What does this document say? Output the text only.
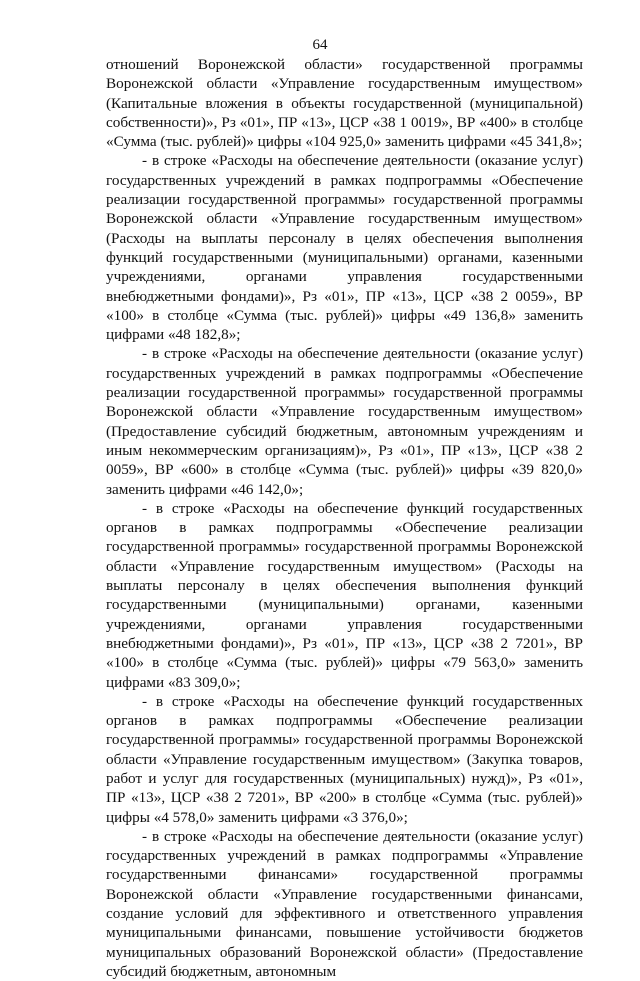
64

отношений Воронежской области» государственной программы Воронежской области «Управление государственным имуществом» (Капитальные вложения в объекты государственной (муниципальной) собственности)», Рз «01», ПР «13», ЦСР «38 1 0019», ВР «400» в столбце «Сумма (тыс. рублей)» цифры «104 925,0» заменить цифрами «45 341,8»;

- в строке «Расходы на обеспечение деятельности (оказание услуг) государственных учреждений в рамках подпрограммы «Обеспечение реализации государственной программы» государственной программы Воронежской области «Управление государственным имуществом» (Расходы на выплаты персоналу в целях обеспечения выполнения функций государственными (муниципальными) органами, казенными учреждениями, органами управления государственными внебюджетными фондами)», Рз «01», ПР «13», ЦСР «38 2 0059», ВР «100» в столбце «Сумма (тыс. рублей)» цифры «49 136,8» заменить цифрами «48 182,8»;

- в строке «Расходы на обеспечение деятельности (оказание услуг) государственных учреждений в рамках подпрограммы «Обеспечение реализации государственной программы» государственной программы Воронежской области «Управление государственным имуществом» (Предоставление субсидий бюджетным, автономным учреждениям и иным некоммерческим организациям)», Рз «01», ПР «13», ЦСР «38 2 0059», ВР «600» в столбце «Сумма (тыс. рублей)» цифры «39 820,0» заменить цифрами «46 142,0»;

- в строке «Расходы на обеспечение функций государственных органов в рамках подпрограммы «Обеспечение реализации государственной программы» государственной программы Воронежской области «Управление государственным имуществом» (Расходы на выплаты персоналу в целях обеспечения выполнения функций государственными (муниципальными) органами, казенными учреждениями, органами управления государственными внебюджетными фондами)», Рз «01», ПР «13», ЦСР «38 2 7201», ВР «100» в столбце «Сумма (тыс. рублей)» цифры «79 563,0» заменить цифрами «83 309,0»;

- в строке «Расходы на обеспечение функций государственных органов в рамках подпрограммы «Обеспечение реализации государственной программы» государственной программы Воронежской области «Управление государственным имуществом» (Закупка товаров, работ и услуг для государственных (муниципальных) нужд)», Рз «01», ПР «13», ЦСР «38 2 7201», ВР «200» в столбце «Сумма (тыс. рублей)» цифры «4 578,0» заменить цифрами «3 376,0»;

- в строке «Расходы на обеспечение деятельности (оказание услуг) государственных учреждений в рамках подпрограммы «Управление государственными финансами» государственной программы Воронежской области «Управление государственными финансами, создание условий для эффективного и ответственного управления муниципальными финансами, повышение устойчивости бюджетов муниципальных образований Воронежской области» (Предоставление субсидий бюджетным, автономным
